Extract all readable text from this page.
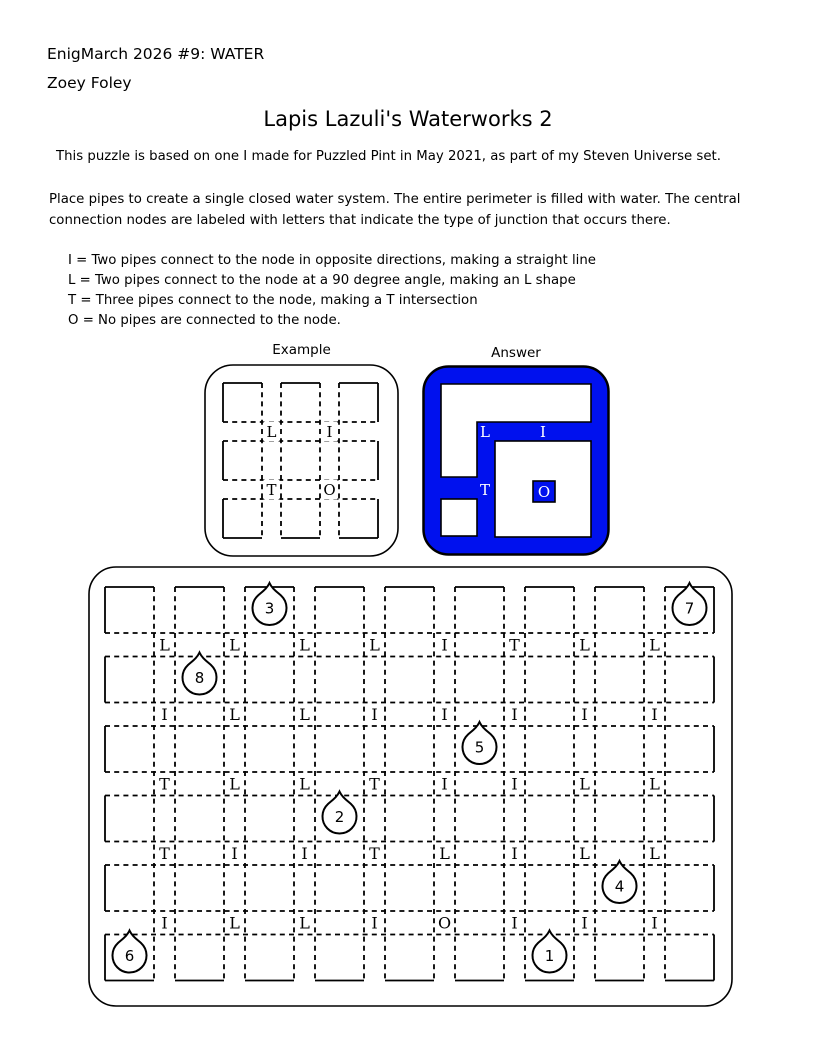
EnigMarch 2026 #9: WATER
Zoey Foley
Lapis Lazuli's Waterworks 2
This puzzle is based on one I made for Puzzled Pint in May 2021, as part of my Steven Universe set.
Place pipes to create a single closed water system. The entire perimeter is filled with water. The central connection nodes are labeled with letters that indicate the type of junction that occurs there.
I = Two pipes connect to the node in opposite directions, making a straight line
L = Two pipes connect to the node at a 90 degree angle, making an L shape
T = Three pipes connect to the node, making a T intersection
O = No pipes are connected to the node.
Example
L	I
T	O
Answer
L	I
T	O
L	L	L	L	I	T	L	L
I	L	L	I	I	I	I	I
T	L	L	T	I	I	L	L
T	I	I	T	L	I	L	L
I	L	L	I	O	I	I	I
3	7
8
5
2
4
6	1
